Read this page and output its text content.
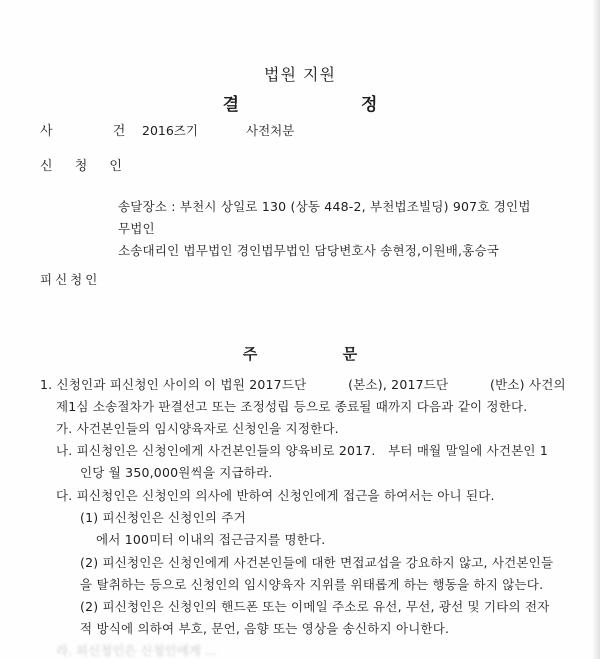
법원 지원
결 정
사 건
2016즈기	사전처분
신 청 인
송달장소 : 부천시 상일로 130 (상동 448-2, 부천법조빌딩) 907호 경인법
무법인
소송대리인 법무법인 경인법무법인 담당변호사 송현정,이원배,홍승국
피신청인
주 문
1. 신청인과 피신청인 사이의 이 법원 2017드단          (본소), 2017드단          (반소) 사건의
제1심 소송절차가 판결선고 또는 조정성립 등으로 종료될 때까지 다음과 같이 정한다.
가. 사건본인들의 임시양육자로 신청인을 지정한다.
나. 피신청인은 신청인에게 사건본인들의 양육비로 2017.   부터 매월 말일에 사건본인 1
인당 월 350,000원씩을 지급하라.
다. 피신청인은 신청인의 의사에 반하여 신청인에게 접근을 하여서는 아니 된다.
(1) 피신청인은 신청인의 주거
에서 100미터 이내의 접근금지를 명한다.
(2) 피신청인은 신청인에게 사건본인들에 대한 면접교섭을 강요하지 않고, 사건본인들
을 탈취하는 등으로 신청인의 임시양육자 지위를 위태롭게 하는 행동을 하지 않는다.
(2) 피신청인은 신청인의 핸드폰 또는 이메일 주소로 유선, 무선, 광선 및 기타의 전자
적 방식에 의하여 부호, 문언, 음향 또는 영상을 송신하지 아니한다.
라. 피신청인은 신청인에게 ...
